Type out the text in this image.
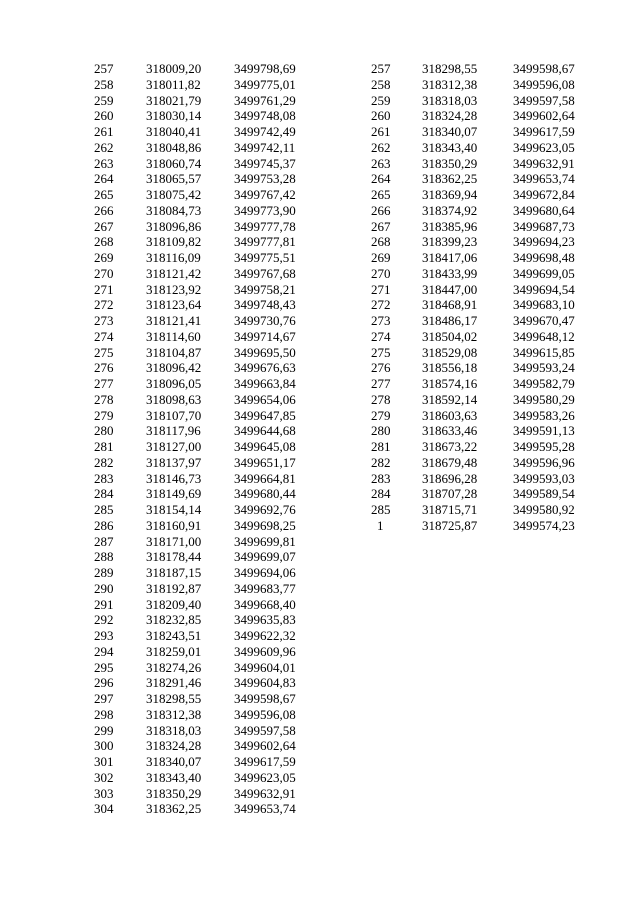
257	318009,20	3499798,69
258	318011,82	3499775,01
259	318021,79	3499761,29
260	318030,14	3499748,08
261	318040,41	3499742,49
262	318048,86	3499742,11
263	318060,74	3499745,37
264	318065,57	3499753,28
265	318075,42	3499767,42
266	318084,73	3499773,90
267	318096,86	3499777,78
268	318109,82	3499777,81
269	318116,09	3499775,51
270	318121,42	3499767,68
271	318123,92	3499758,21
272	318123,64	3499748,43
273	318121,41	3499730,76
274	318114,60	3499714,67
275	318104,87	3499695,50
276	318096,42	3499676,63
277	318096,05	3499663,84
278	318098,63	3499654,06
279	318107,70	3499647,85
280	318117,96	3499644,68
281	318127,00	3499645,08
282	318137,97	3499651,17
283	318146,73	3499664,81
284	318149,69	3499680,44
285	318154,14	3499692,76
286	318160,91	3499698,25
287	318171,00	3499699,81
288	318178,44	3499699,07
289	318187,15	3499694,06
290	318192,87	3499683,77
291	318209,40	3499668,40
292	318232,85	3499635,83
293	318243,51	3499622,32
294	318259,01	3499609,96
295	318274,26	3499604,01
296	318291,46	3499604,83
297	318298,55	3499598,67
298	318312,38	3499596,08
299	318318,03	3499597,58
300	318324,28	3499602,64
301	318340,07	3499617,59
302	318343,40	3499623,05
303	318350,29	3499632,91
304	318362,25	3499653,74
257	318298,55	3499598,67
258	318312,38	3499596,08
259	318318,03	3499597,58
260	318324,28	3499602,64
261	318340,07	3499617,59
262	318343,40	3499623,05
263	318350,29	3499632,91
264	318362,25	3499653,74
265	318369,94	3499672,84
266	318374,92	3499680,64
267	318385,96	3499687,73
268	318399,23	3499694,23
269	318417,06	3499698,48
270	318433,99	3499699,05
271	318447,00	3499694,54
272	318468,91	3499683,10
273	318486,17	3499670,47
274	318504,02	3499648,12
275	318529,08	3499615,85
276	318556,18	3499593,24
277	318574,16	3499582,79
278	318592,14	3499580,29
279	318603,63	3499583,26
280	318633,46	3499591,13
281	318673,22	3499595,28
282	318679,48	3499596,96
283	318696,28	3499593,03
284	318707,28	3499589,54
285	318715,71	3499580,92
1	318725,87	3499574,23
